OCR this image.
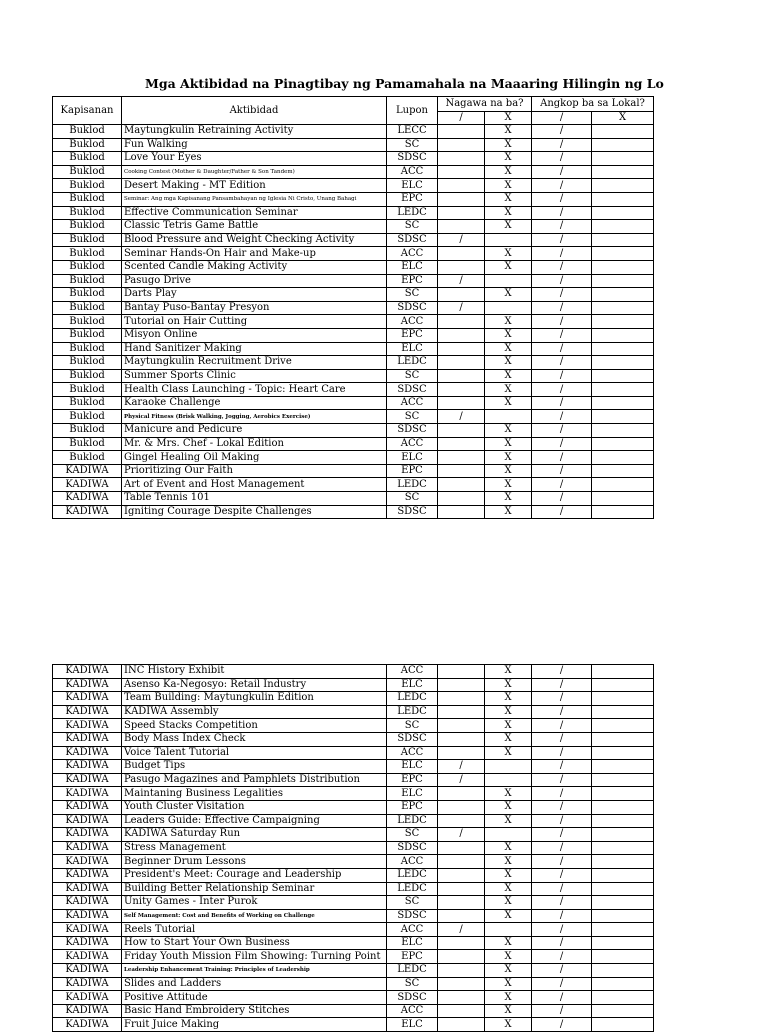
Mga Aktibidad na Pinagtibay ng Pamamahala na Maaaring Hilingin ng Lo
Kapisanan	Aktibidad	Lupon	Nagawa na ba?		Angkop ba sa Lokal?	
			/	X	/	X
Buklod	Maytungkulin Retraining Activity	LECC		X	/	
Buklod	Fun Walking	SC		X	/	
Buklod	Love Your Eyes	SDSC		X	/	
Buklod	Cooking Contest (Mother & Daughter/Father & Son Tandem)	ACC		X	/	
Buklod	Desert Making - MT Edition	ELC		X	/	
Buklod	Seminar: Ang mga Kapisanang Pansambahayan ng Iglesia Ni Cristo, Unang Bahagi	EPC		X	/	
Buklod	Effective Communication Seminar	LEDC		X	/	
Buklod	Classic Tetris Game Battle	SC		X	/	
Buklod	Blood Pressure and Weight Checking Activity	SDSC	/		/	
Buklod	Seminar Hands-On Hair and Make-up	ACC		X	/	
Buklod	Scented Candle Making Activity	ELC		X	/	
Buklod	Pasugo Drive	EPC	/		/	
Buklod	Darts Play	SC		X	/	
Buklod	Bantay Puso-Bantay Presyon	SDSC	/		/	
Buklod	Tutorial on Hair Cutting	ACC		X	/	
Buklod	Misyon Online	EPC		X	/	
Buklod	Hand Sanitizer Making	ELC		X	/	
Buklod	Maytungkulin Recruitment Drive	LEDC		X	/	
Buklod	Summer Sports Clinic	SC		X	/	
Buklod	Health Class Launching - Topic: Heart Care	SDSC		X	/	
Buklod	Karaoke Challenge	ACC		X	/	
Buklod	Physical Fitness (Brisk Walking, Jogging, Aerobics Exercise)	SC	/		/	
Buklod	Manicure and Pedicure	SDSC		X	/	
Buklod	Mr. & Mrs. Chef - Lokal Edition	ACC		X	/	
Buklod	Gingel Healing Oil Making	ELC		X	/	
KADIWA	Prioritizing Our Faith	EPC		X	/	
KADIWA	Art of Event and Host Management	LEDC		X	/	
KADIWA	Table Tennis 101	SC		X	/	
KADIWA	Igniting Courage Despite Challenges	SDSC		X	/	
KADIWA	INC History Exhibit	ACC		X	/	
KADIWA	Asenso Ka-Negosyo: Retail Industry	ELC		X	/	
KADIWA	Team Building: Maytungkulin Edition	LEDC		X	/	
KADIWA	KADIWA Assembly	LEDC		X	/	
KADIWA	Speed Stacks Competition	SC		X	/	
KADIWA	Body Mass Index Check	SDSC		X	/	
KADIWA	Voice Talent Tutorial	ACC		X	/	
KADIWA	Budget Tips	ELC	/		/	
KADIWA	Pasugo Magazines and Pamphlets Distribution	EPC	/		/	
KADIWA	Maintaning Business Legalities	ELC		X	/	
KADIWA	Youth Cluster Visitation	EPC		X	/	
KADIWA	Leaders Guide: Effective Campaigning	LEDC		X	/	
KADIWA	KADIWA Saturday Run	SC	/		/	
KADIWA	Stress Management	SDSC		X	/	
KADIWA	Beginner Drum Lessons	ACC		X	/	
KADIWA	President's Meet: Courage and Leadership	LEDC		X	/	
KADIWA	Building Better Relationship Seminar	LEDC		X	/	
KADIWA	Unity Games - Inter Purok	SC		X	/	
KADIWA	Self Management: Cost and Benefits of Working on Challenge	SDSC		X	/	
KADIWA	Reels Tutorial	ACC	/		/	
KADIWA	How to Start Your Own Business	ELC		X	/	
KADIWA	Friday Youth Mission Film Showing: Turning Point	EPC		X	/	
KADIWA	Leadership Enhancement Training: Principles of Leadership	LEDC		X	/	
KADIWA	Slides and Ladders	SC		X	/	
KADIWA	Positive Attitude	SDSC		X	/	
KADIWA	Basic Hand Embroidery Stitches	ACC		X	/	
KADIWA	Fruit Juice Making	ELC		X	/	
